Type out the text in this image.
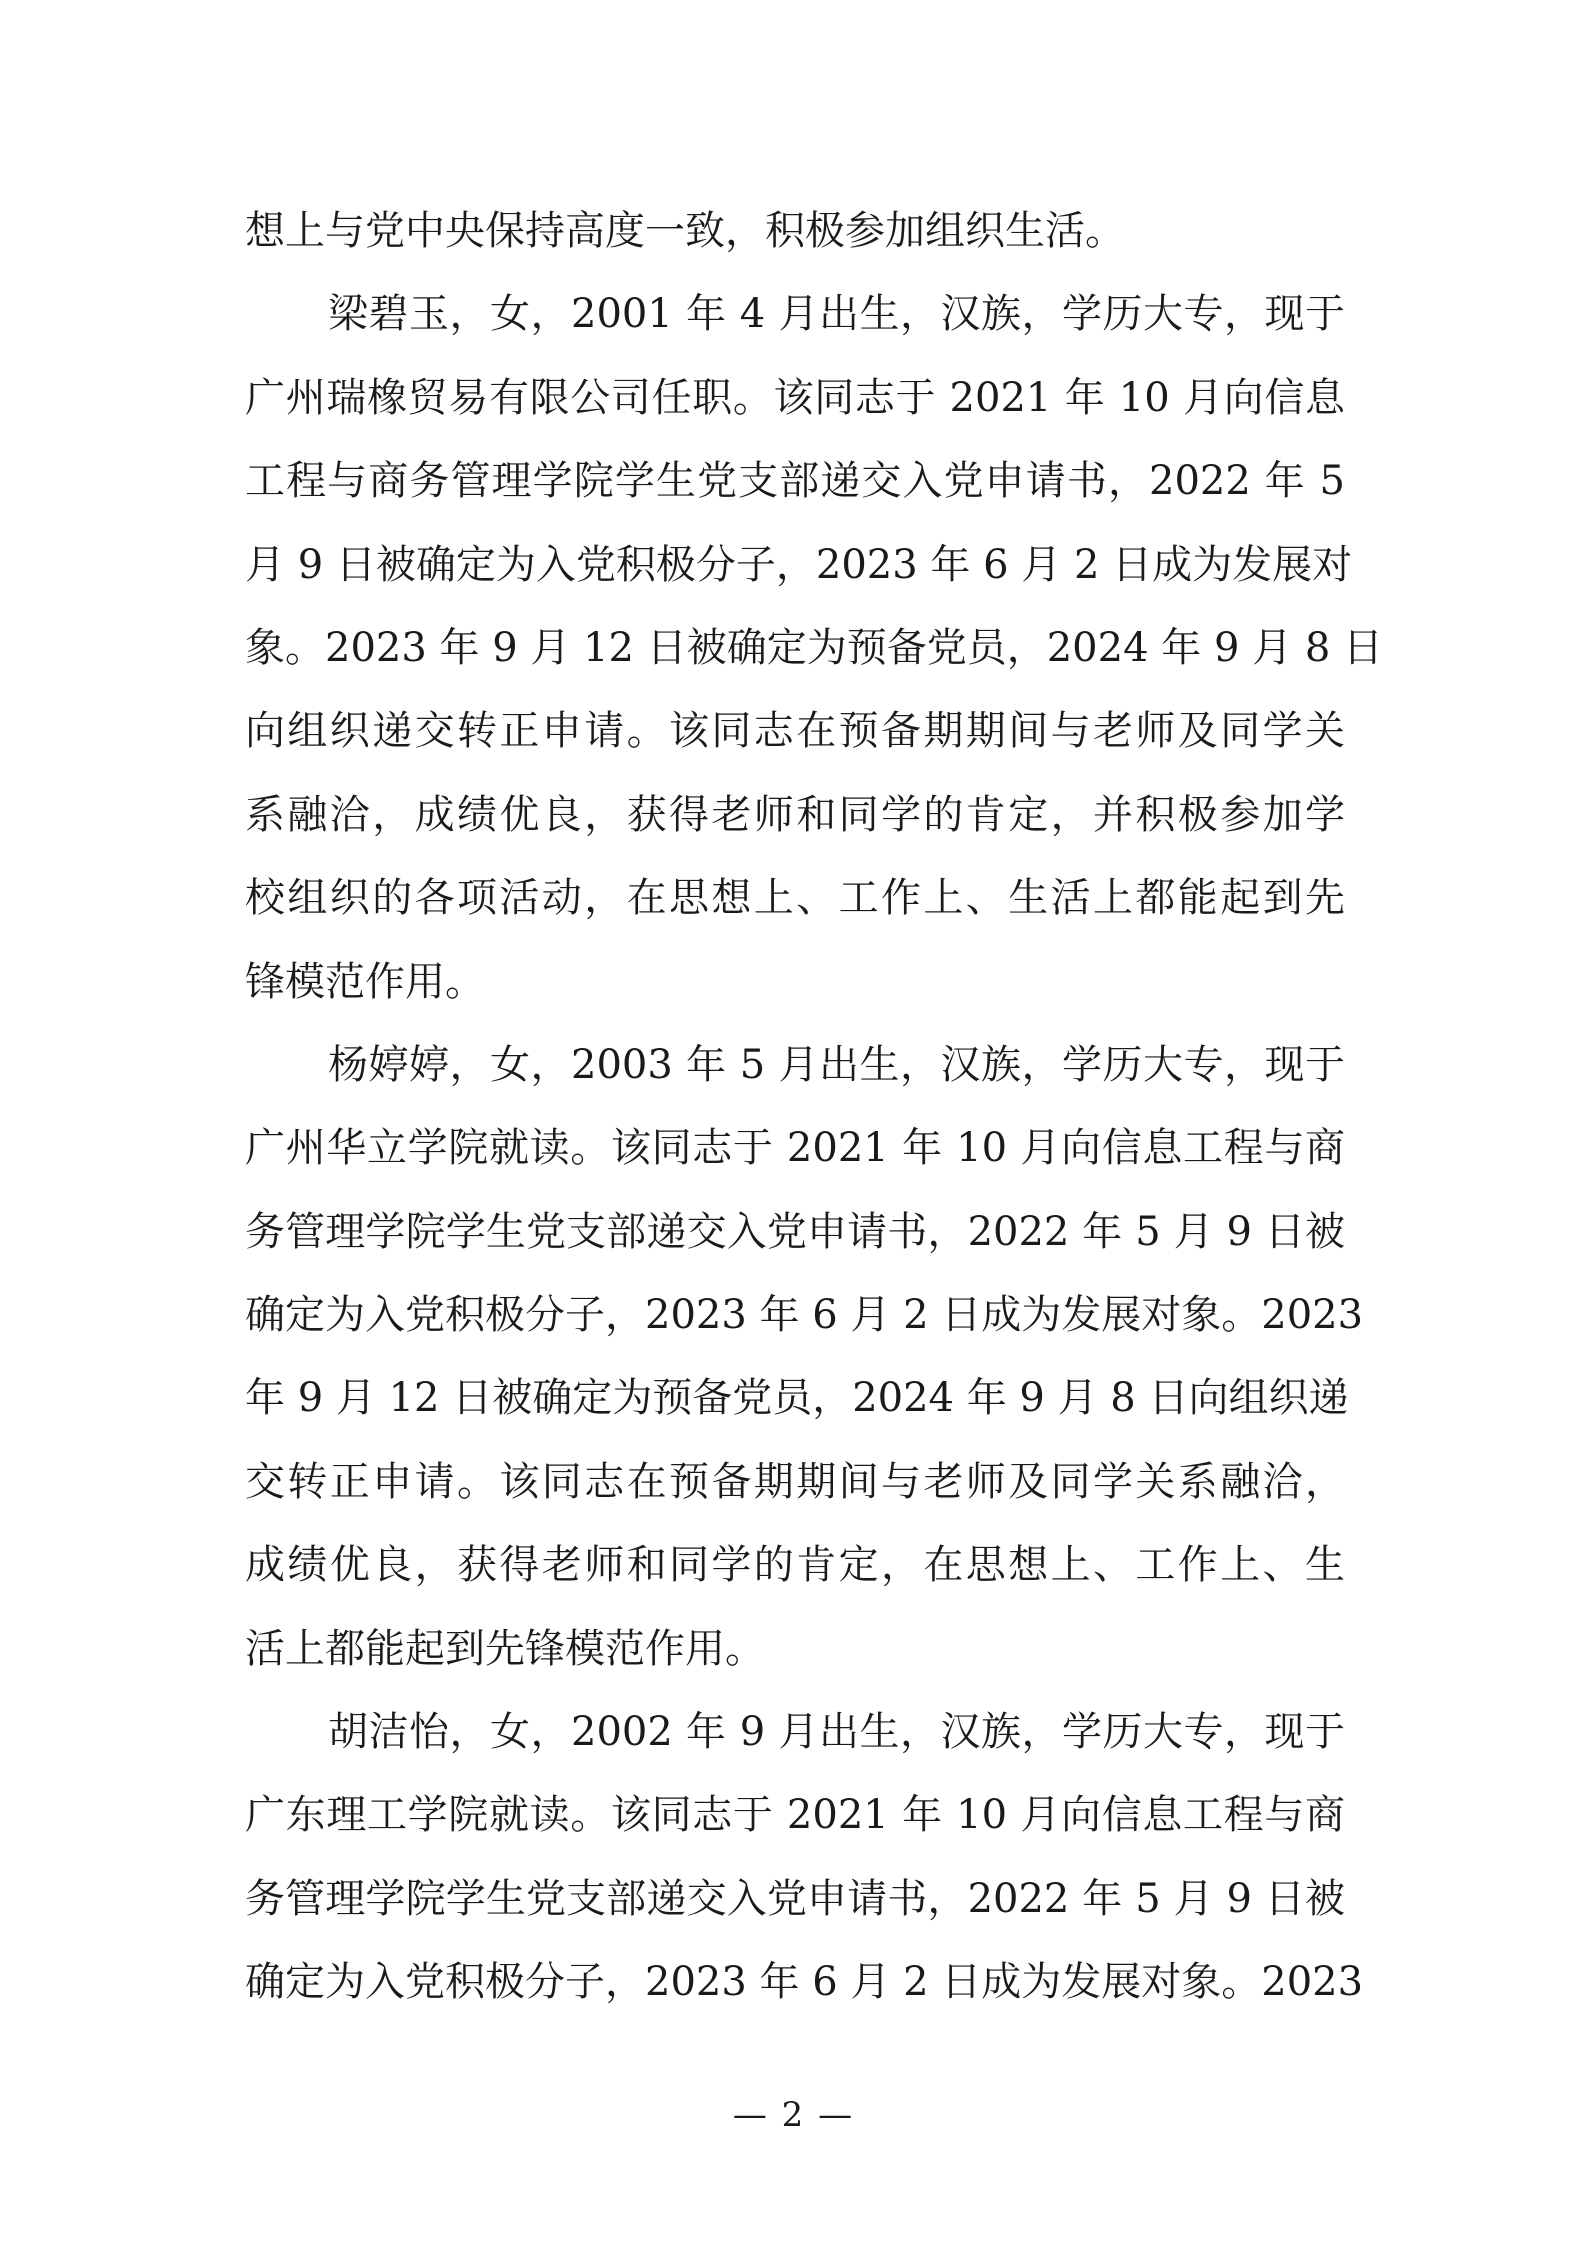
想上与党中央保持高度一致，积极参加组织生活。
梁碧玉，女，2001 年 4 月出生，汉族，学历大专，现于
广州瑞橡贸易有限公司任职。该同志于 2021 年 10 月向信息
工程与商务管理学院学生党支部递交入党申请书，2022 年 5
月 9 日被确定为入党积极分子，2023 年 6 月 2 日成为发展对
象。2023 年 9 月 12 日被确定为预备党员，2024 年 9 月 8 日
向组织递交转正申请。该同志在预备期期间与老师及同学关
系融洽，成绩优良，获得老师和同学的肯定，并积极参加学
校组织的各项活动，在思想上、工作上、生活上都能起到先
锋模范作用。
杨婷婷，女，2003 年 5 月出生，汉族，学历大专，现于
广州华立学院就读。该同志于 2021 年 10 月向信息工程与商
务管理学院学生党支部递交入党申请书，2022 年 5 月 9 日被
确定为入党积极分子，2023 年 6 月 2 日成为发展对象。2023
年 9 月 12 日被确定为预备党员，2024 年 9 月 8 日向组织递
交转正申请。该同志在预备期期间与老师及同学关系融洽，
成绩优良，获得老师和同学的肯定，在思想上、工作上、生
活上都能起到先锋模范作用。
胡洁怡，女，2002 年 9 月出生，汉族，学历大专，现于
广东理工学院就读。该同志于 2021 年 10 月向信息工程与商
务管理学院学生党支部递交入党申请书，2022 年 5 月 9 日被
确定为入党积极分子，2023 年 6 月 2 日成为发展对象。2023
— 2 —
